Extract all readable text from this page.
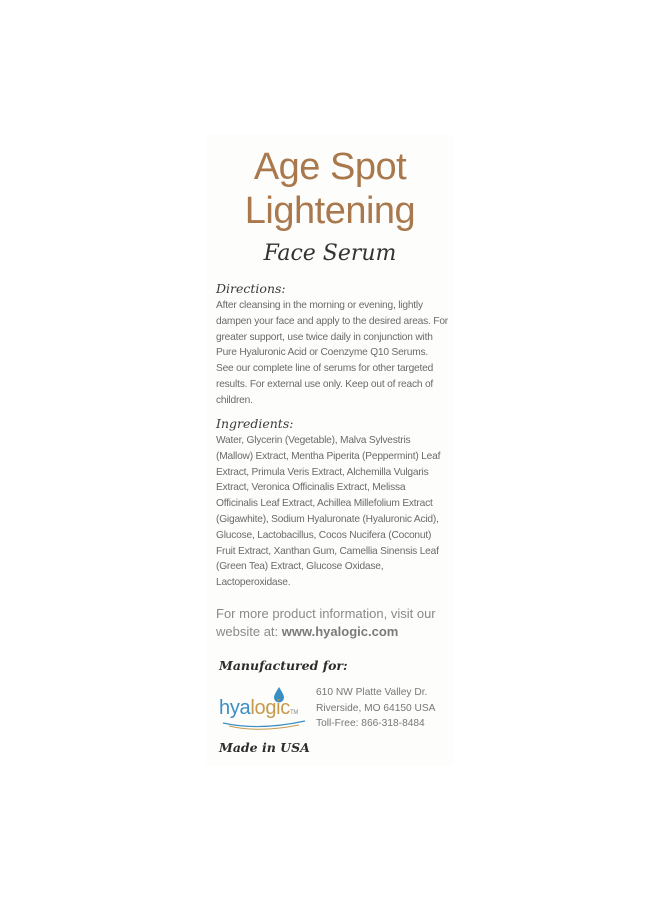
Age Spot
Lightening
Face Serum
Directions:
After cleansing in the morning or evening, lightly dampen your face and apply to the desired areas. For greater support, use twice daily in conjunction with Pure Hyaluronic Acid or Coenzyme Q10 Serums. See our complete line of serums for other targeted results. For external use only. Keep out of reach of children.
Ingredients:
Water, Glycerin (Vegetable), Malva Sylvestris (Mallow) Extract, Mentha Piperita (Peppermint) Leaf Extract, Primula Veris Extract, Alchemilla Vulgaris Extract, Veronica Officinalis Extract, Melissa Officinalis Leaf Extract, Achillea Millefolium Extract (Gigawhite), Sodium Hyaluronate (Hyaluronic Acid), Glucose, Lactobacillus, Cocos Nucifera (Coconut) Fruit Extract, Xanthan Gum, Camellia Sinensis Leaf (Green Tea) Extract, Glucose Oxidase, Lactoperoxidase.
For more product information, visit our website at: www.hyalogic.com
Manufactured for:
hyalogicTM
610 NW Platte Valley Dr.
Riverside, MO 64150 USA
Toll-Free: 866-318-8484
Made in USA
